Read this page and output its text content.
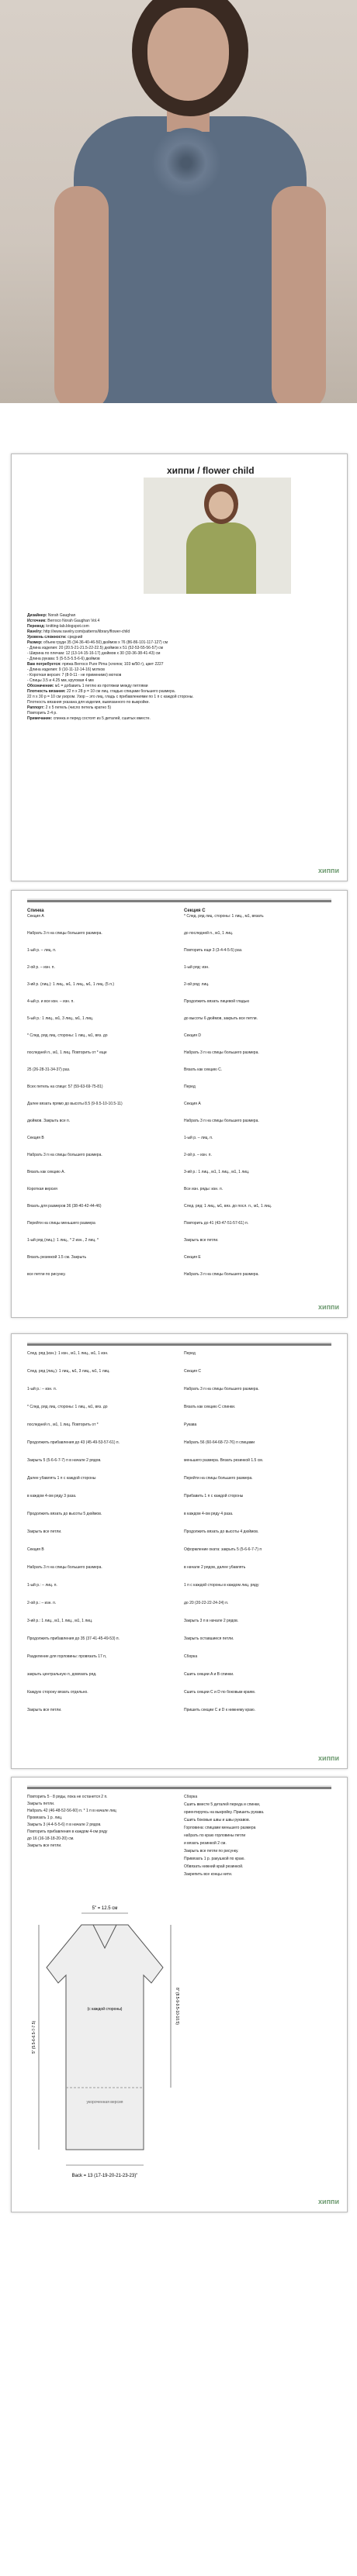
хиппи / flower child
Дизайнер: Norah Gaughan
Источник: Berroco Norah Gaughan Vol.4
Перевод: knitting-lab.blogspot.com
Ravelry: http://www.ravelry.com/patterns/library/flower-child
Уровень сложности: средний
Размер: объем груди 35 (34-36-40-46-50) дюймов x 76 (86-86-101-117-127) см
- Длина изделия: 20 (20.5-21-21.5-22-22.5) дюймов x 51 (52-53-55-56-57) см
- Ширина по плечам: 12 (13-14-15-16-17) дюймов x 30 (33-36-38-41-43) см
- Длина рукава: 5 (5-5.5-5.5-6-6) дюймов
Вам потребуется: пряжа Berroco Pure Pima (хлопок; 103 м/50 г), цвет 2227
- Длина изделия: 9 (10-11-12-14-16) мотков
- Короткая версия: 7 (8-9-11 - не применимо) мотков
- Спицы 3.5 и 4.25 мм, круговая 4 мм
Обозначения: м1 = добавить 1 петлю из протяжки между петлями
Плотность вязания: 22 п х 28 р = 10 см лиц. гладью спицами большего размера.
22 п х 30 р = 10 см узором. Узор – это лиц. гладь с прибавлениями по 1 п с каждой стороны.
Плотность вязания указана для изделия, вывязанного по выкройке.
Раппорт: 2 х 5 петель (число петель кратно 5)
Повторить 2-4 р.
Примечание: спинка и перед состоят из 5 деталей, сшитых вместе.
хиппи
Спинка
Секция A
Набрать 3 п на спицы большего размера.
1-ый р. – лиц. п.
2-ой р. – изн. п.
3-ий р. (лиц.): 1 лиц., м1, 1 лиц., м1, 1 лиц. (5 п.)
4-ый р. и все изн. – изн. п.
5-ый р.: 1 лиц., м1, 3 лиц., м1, 1 лиц.
* След. ряд лиц. стороны: 1 лиц., м1, вяз. до
последней п., м1, 1 лиц. Повторить от * еще
25 (26-28-31-34-37) раз.
Всех петель на спице: 57 (59-63-69-75-81)
Далее вязать прямо до высоты 8.5 (9-9.5-10-10.5-11)
дюймов. Закрыть все п.
Секция B
Набрать 3 п на спицы большего размера.
Вязать как секцию A.
Короткая версия
Вязать для размеров 36 (38-40-42-44-46)
Перейти на спицы меньшего размера
1-ый ряд (лиц.): 1 лиц., * 2 изн., 2 лиц. *
Вязать резинкой 1.5 см. Закрыть
все петли по рисунку.
Секция C
* След. ряд лиц. стороны: 1 лиц., м1, вязать
до последней п., м1, 1 лиц.
Повторить еще 3 (3-4-4-5-5) раз.
1-ый ряд: изн.
2-ой ряд: лиц.
Продолжить вязать лицевой гладью
до высоты 6 дюймов, закрыть все петли.
Секция D
Набрать 3 п на спицы большего размера.
Вязать как секцию C.
Перед
Секция A
Набрать 3 п на спицы большего размера.
1-ый р. – лиц. п.
2-ой р. – изн. п.
3-ий р.: 1 лиц., м1, 1 лиц., м1, 1 лиц.
Все изн. ряды: изн. п.
След. ряд: 1 лиц., м1, вяз. до посл. п., м1, 1 лиц.
Повторить до 41 (43-47-51-57-61) п.
Закрыть все петли.
Секция E
Набрать 3 п на спицы большего размера.
хиппи
След. ряд (изн.): 1 изн., м1, 1 лиц., м1, 1 изн.
След. ряд (лиц.): 1 лиц., м1, 3 лиц., м1, 1 лиц.
1-ый р.: – изн. п.
* След. ряд лиц. стороны: 1 лиц., м1, вяз. до
последней п., м1, 1 лиц. Повторить от *
Продолжить прибавления до 43 (45-49-53-57-61) п.
Закрыть 5 (5-6-6-7-7) п в начале 2 рядов.
Далее убавлять 1 п с каждой стороны
в каждом 4-ом ряду 3 раза.
Продолжить вязать до высоты 5 дюймов.
Закрыть все петли.
Секция B
Набрать 3 п на спицы большего размера.
1-ый р.: – лиц. п.
2-ой р.: – изн. п.
3-ий р.: 1 лиц., м1, 1 лиц., м1, 1 лиц.
Продолжить прибавления до 35 (37-41-45-49-53) п.
Разделение для горловины: провязать 17 п,
закрыть центральную п, довязать ряд.
Каждую сторону вязать отдельно.
Закрыть все петли.
Перед
Секция C
Набрать 3 п на спицы большего размера.
Вязать как секцию C спинки.
Рукава
Набрать 56 (60-64-68-72-76) п спицами
меньшего размера. Вязать резинкой 1.5 см.
Перейти на спицы большего размера.
Прибавить 1 п с каждой стороны
в каждом 4-ом ряду 4 раза.
Продолжить вязать до высоты 4 дюймов.
Оформление окатa: закрыть 5 (5-6-6-7-7) п
в начале 2 рядов, далее убавлять
1 п с каждой стороны в каждом лиц. ряду
до 20 (20-22-22-24-24) п.
Закрыть 3 п в начале 2 рядов.
Закрыть оставшиеся петли.
Сборка
Сшить секции A и B спинки.
Сшить секции C и D по боковым краям.
Пришить секции C и D к нижнему краю.
хиппи
Повторить 5 - 8 ряды, пока не останется 2 п.
Закрыть петли.
Набрать 42 (46-48-52-56-60) п. * 1 п в начале лиц
Провязать 1 р. лиц.
Закрыть 3 (4-4-5-5-6) п в начале 2 рядов.
Повторить прибавления в каждом 4-ом ряду
до 16 (16-18-18-20-20) см.
Закрыть все петли.
Сборка
Сшить вместе 5 деталей переда и спинки,
ориентируясь на выкройку. Пришить рукава.
Сшить боковые швы и швы рукавов.
Горловина: спицами меньшего размера
набрать по краю горловины петли
и вязать резинкой 2 см.
Закрыть все петли по рисунку.
Привязать 1 р. ракушкой по краю.
Обвязать нижний край резинкой.
Закрепить все концы нити.
5" = 12.5 см
(с каждой стороны)
5" (5.5-6-6.5-7-7.5)
8" (8.5-9-9.5-10-10.5)
Back = 13 (17-19-20-21-23-23)"
укороченная версия
хиппи
